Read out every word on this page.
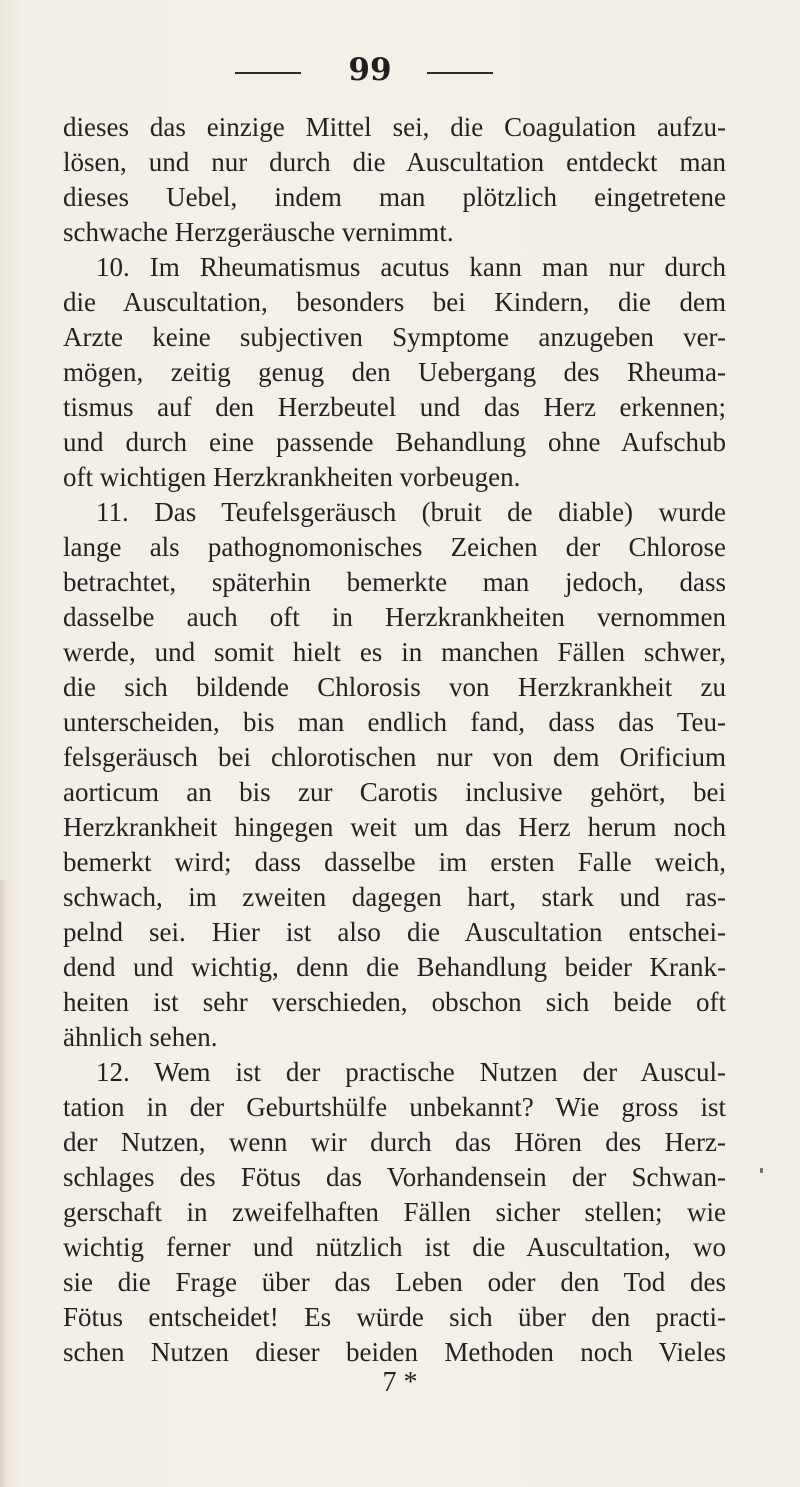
99
dieses das einzige Mittel sei, die Coagulation aufzu-
lösen, und nur durch die Auscultation entdeckt man
dieses Uebel, indem man plötzlich eingetretene
schwache Herzgeräusche vernimmt.
10. Im Rheumatismus acutus kann man nur durch
die Auscultation, besonders bei Kindern, die dem
Arzte keine subjectiven Symptome anzugeben ver-
mögen, zeitig genug den Uebergang des Rheuma-
tismus auf den Herzbeutel und das Herz erkennen;
und durch eine passende Behandlung ohne Aufschub
oft wichtigen Herzkrankheiten vorbeugen.
11. Das Teufelsgeräusch (bruit de diable) wurde
lange als pathognomonisches Zeichen der Chlorose
betrachtet, späterhin bemerkte man jedoch, dass
dasselbe auch oft in Herzkrankheiten vernommen
werde, und somit hielt es in manchen Fällen schwer,
die sich bildende Chlorosis von Herzkrankheit zu
unterscheiden, bis man endlich fand, dass das Teu-
felsgeräusch bei chlorotischen nur von dem Orificium
aorticum an bis zur Carotis inclusive gehört, bei
Herzkrankheit hingegen weit um das Herz herum noch
bemerkt wird; dass dasselbe im ersten Falle weich,
schwach, im zweiten dagegen hart, stark und ras-
pelnd sei. Hier ist also die Auscultation entschei-
dend und wichtig, denn die Behandlung beider Krank-
heiten ist sehr verschieden, obschon sich beide oft
ähnlich sehen.
12. Wem ist der practische Nutzen der Auscul-
tation in der Geburtshülfe unbekannt? Wie gross ist
der Nutzen, wenn wir durch das Hören des Herz-
schlages des Fötus das Vorhandensein der Schwan-
gerschaft in zweifelhaften Fällen sicher stellen; wie
wichtig ferner und nützlich ist die Auscultation, wo
sie die Frage über das Leben oder den Tod des
Fötus entscheidet! Es würde sich über den practi-
schen Nutzen dieser beiden Methoden noch Vieles
7 *
